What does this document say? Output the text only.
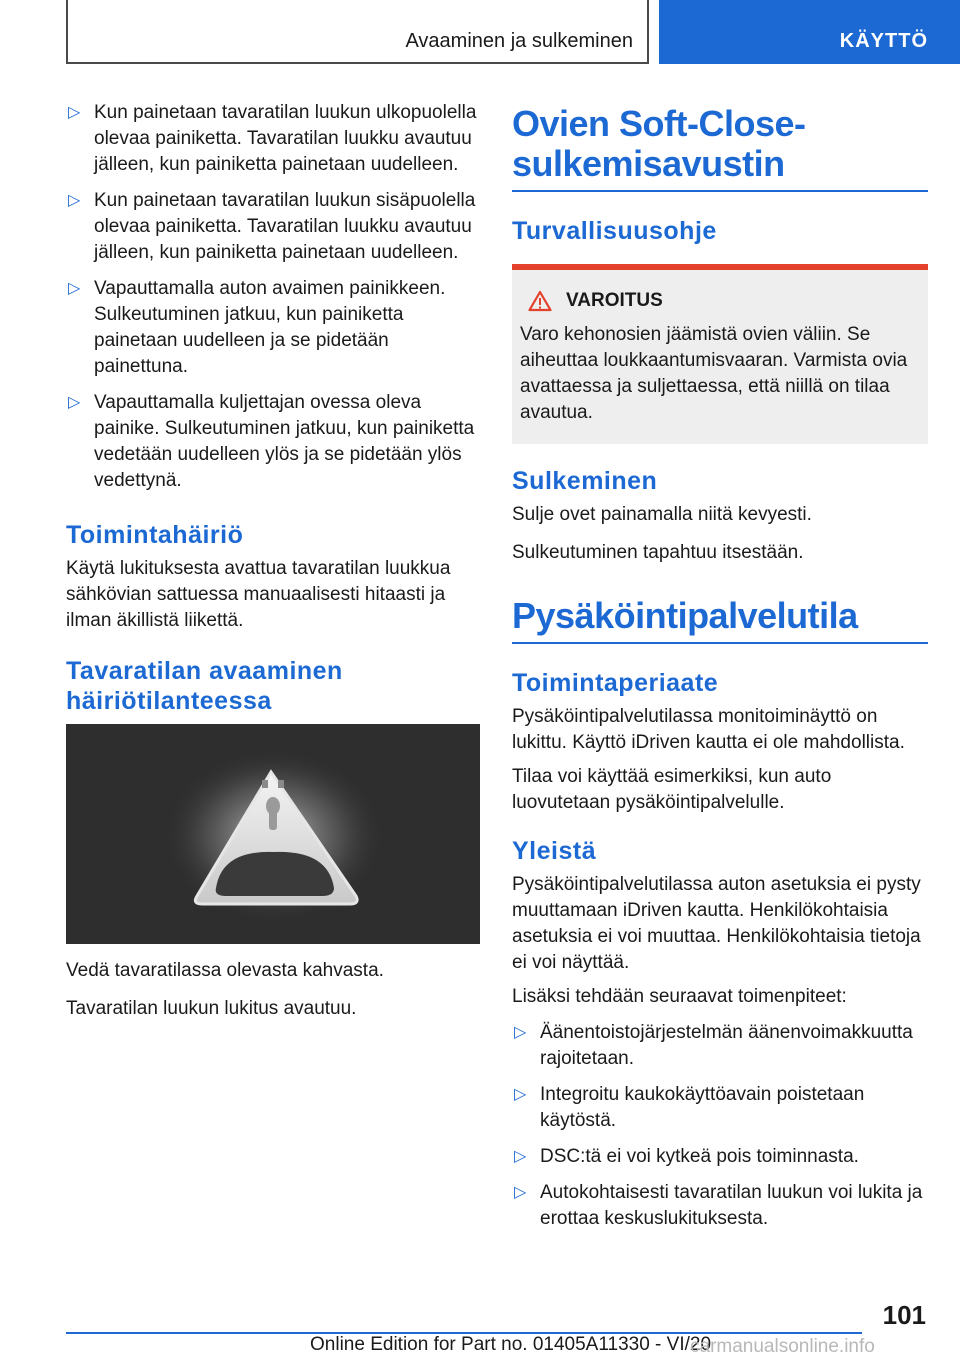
Avaaminen ja sulkeminen	KÄYTTÖ
▷ Kun painetaan tavaratilan luukun ulkopuolella olevaa painiketta. Tavaratilan luukku avautuu jälleen, kun painiketta painetaan uudelleen.
▷ Kun painetaan tavaratilan luukun sisäpuolella olevaa painiketta. Tavaratilan luukku avautuu jälleen, kun painiketta painetaan uudelleen.
▷ Vapauttamalla auton avaimen painikkeen. Sulkeutuminen jatkuu, kun painiketta painetaan uudelleen ja se pidetään painettuna.
▷ Vapauttamalla kuljettajan ovessa oleva painike. Sulkeutuminen jatkuu, kun painiketta vedetään uudelleen ylös ja se pidetään ylös vedettynä.
Toimintahäiriö

Käytä lukituksesta avattua tavaratilan luukkua sähkövian sattuessa manuaalisesti hitaasti ja ilman äkillistä liikettä.

Tavaratilan avaaminen häiriötilanteessa

Vedä tavaratilassa olevasta kahvasta.

Tavaratilan luukun lukitus avautuu.

Ovien Soft-Close-sulkemisavustin
Turvallisuusohje
VAROITUS

Varo kehonosien jäämistä ovien väliin. Se aiheuttaa loukkaantumisvaaran. Varmista ovia avattaessa ja suljettaessa, että niillä on tilaa avautua.

Sulkeminen

Sulje ovet painamalla niitä kevyesti.

Sulkeutuminen tapahtuu itsestään.

Pysäköintipalvelutila
Toimintaperiaate

Pysäköintipalvelutilassa monitoiminäyttö on lukittu. Käyttö iDriven kautta ei ole mahdollista.

Tilaa voi käyttää esimerkiksi, kun auto luovutetaan pysäköintipalvelulle.

Yleistä

Pysäköintipalvelutilassa auton asetuksia ei pysty muuttamaan iDriven kautta. Henkilökohtaisia asetuksia ei voi muuttaa. Henkilökohtaisia tietoja ei voi näyttää.

Lisäksi tehdään seuraavat toimenpiteet:

▷ Äänentoistojärjestelmän äänenvoimakkuutta rajoitetaan.
▷ Integroitu kaukokäyttöavain poistetaan käytöstä.
▷ DSC:tä ei voi kytkeä pois toiminnasta.
▷ Autokohtaisesti tavaratilan luukun voi lukita ja erottaa keskuslukituksesta.
101
Online Edition for Part no. 01405A11330 - VI/20
carmanualsonline.info
